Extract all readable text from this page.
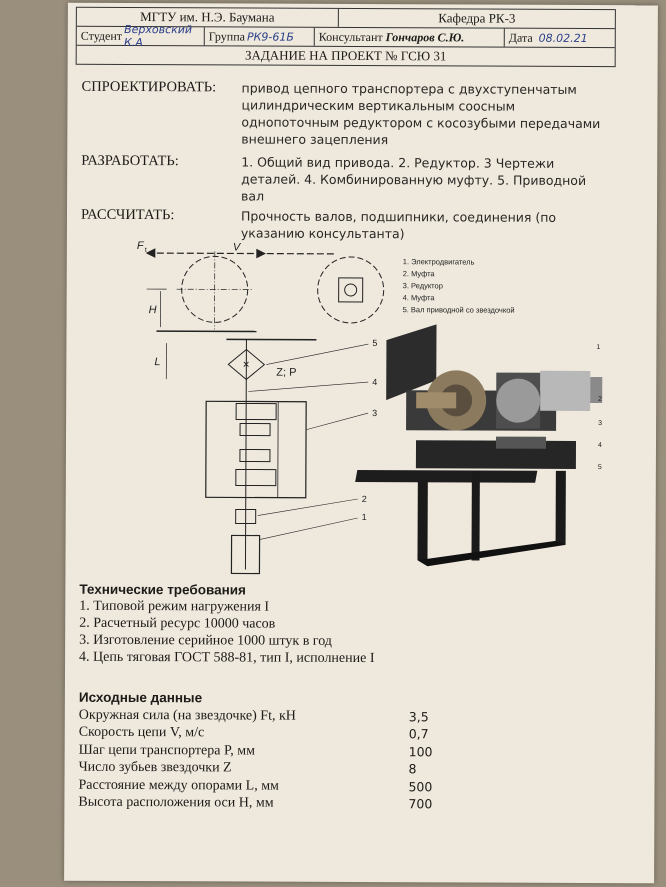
МГТУ им. Н.Э. Баумана	Кафедра РК-3
Студент Верховский К.А	Группа РК9-61Б Консультант Гончаров С.Ю.	Дата 08.02.21
ЗАДАНИЕ НА ПРОЕКТ № ГСЮ 31
СПРОЕКТИРОВАТЬ: привод цепного транспортера с двухступенчатым цилиндрическим вертикальным соосным однопоточным редуктором с косозубыми передачами внешнего зацепления
РАЗРАБОТАТЬ:	1. Общий вид привода. 2. Редуктор. 3 Чертежи деталей. 4. Комбинированную муфту. 5. Приводной вал
РАССЧИТАТЬ:	Прочность валов, подшипники, соединения (по указанию консультанта)
F t	V
H
L	✕
Z; P
5
4
3
2
1
1. Электродвигатель
2. Муфта
3. Редуктор
4. Муфта
5. Вал приводной со звездочкой
1
2
3
4
5
Технические требования
1. Типовой режим нагружения I
2. Расчетный ресурс 10000 часов
3. Изготовление серийное 1000 штук в год
4. Цепь тяговая ГОСТ 588-81, тип I, исполнение I
Исходные данные
Окружная сила (на звездочке) Ft, кН	3,5
Скорость цепи V, м/с	0,7
Шаг цепи транспортера P, мм	100
Число зубьев звездочки Z	8
Расстояние между опорами L, мм	500
Высота расположения оси H, мм	700
